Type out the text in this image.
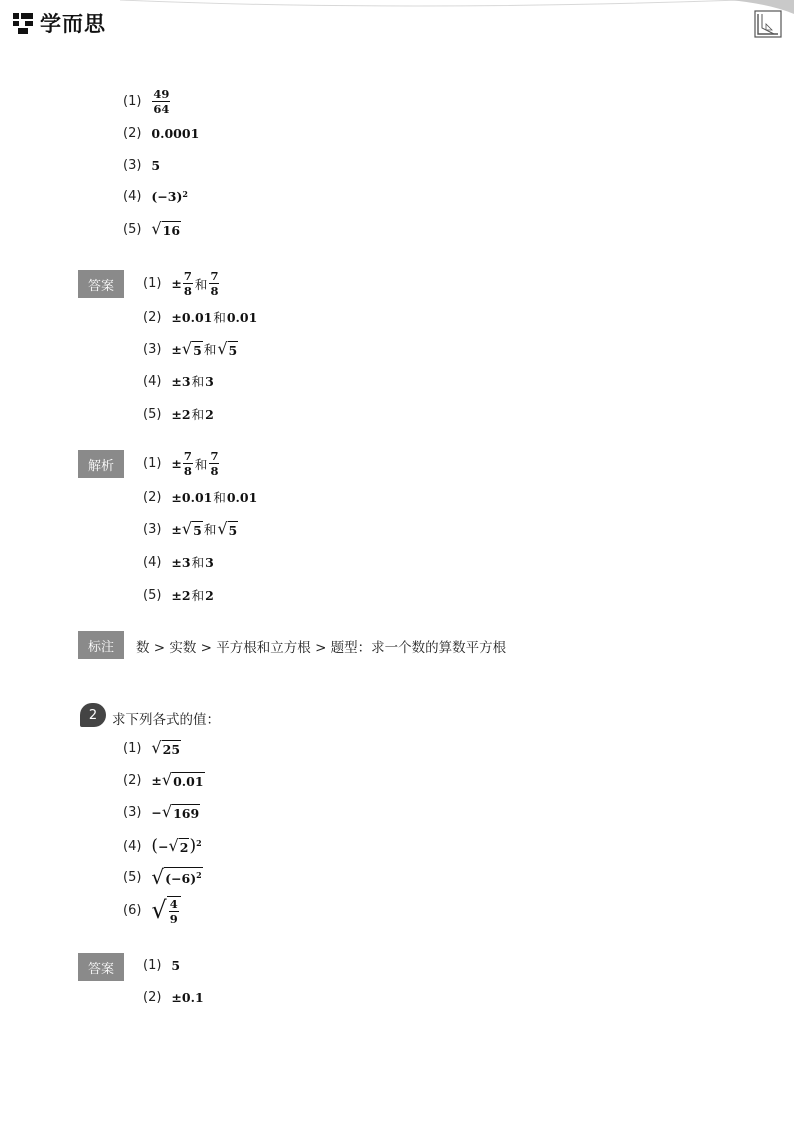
学而思
$(1) \frac{49}{64}$
(2) 0.0001
(3) 5
(4) (−3) 2
(5) √ 16
答案	$(1) \pm \frac{7}{8}$ 和 $\frac{7}{8}$
(2) ±0.01 和 0.01
(3) ± √ 5 和 √ 5
(4) ±3 和 3
(5) ±2 和 2
解析	$(1) \pm \frac{7}{8}$ 和 $\frac{7}{8}$
(2) ±0.01 和 0.01
(3) ± √ 5 和 √ 5
(4) ±3 和 3
(5) ±2 和 2
标注	数 > 实数 > 平方根和立方根 > 题型：求一个数的算数平方根
2	求下列各式的值：
(1) √ 25
(2) ± √ 0.01
(3) − √ 169
(4) ( − √ 2 ) 2
(5) √ (−6) 2
(6) √ $\frac{4}{9}$
答案	(1) 5
(2) ±0.1
